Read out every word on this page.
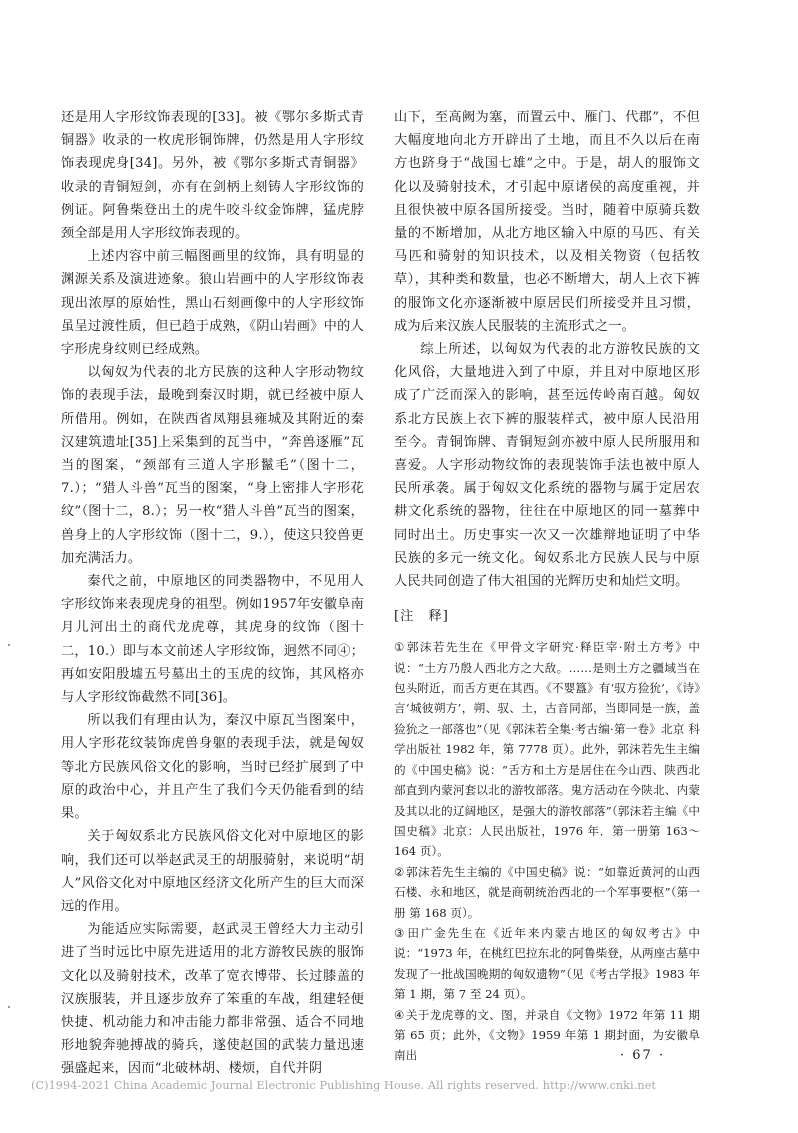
还是用人字形纹饰表现的[33]。被《鄂尔多斯式青铜器》收录的一枚虎形铜饰牌，仍然是用人字形纹饰表现虎身[34]。另外，被《鄂尔多斯式青铜器》收录的青铜短剑，亦有在剑柄上刻铸人字形纹饰的例证。阿鲁柴登出土的虎牛咬斗纹金饰牌，猛虎脖颈全部是用人字形纹饰表现的。

上述内容中前三幅图画里的纹饰，具有明显的渊源关系及演进迹象。狼山岩画中的人字形纹饰表现出浓厚的原始性，黑山石刻画像中的人字形纹饰虽呈过渡性质，但已趋于成熟，《阴山岩画》中的人字形虎身纹则已经成熟。

以匈奴为代表的北方民族的这种人字形动物纹饰的表现手法，最晚到秦汉时期，就已经被中原人所借用。例如，在陕西省凤翔县雍城及其附近的秦汉建筑遗址[35]上采集到的瓦当中，“奔兽逐雁”瓦当的图案，“颈部有三道人字形鬣毛”（图十二，7.）；“猎人斗兽”瓦当的图案，“身上密排人字形花纹”（图十二，8.）；另一枚“猎人斗兽”瓦当的图案，兽身上的人字形纹饰（图十二，9.），使这只狡兽更加充满活力。

秦代之前，中原地区的同类器物中，不见用人字形纹饰来表现虎身的祖型。例如1957年安徽阜南月儿河出土的商代龙虎尊，其虎身的纹饰（图十二，10.）即与本文前述人字形纹饰，迥然不同④；再如安阳殷墟五号墓出土的玉虎的纹饰，其风格亦与人字形纹饰截然不同[36]。

所以我们有理由认为，秦汉中原瓦当图案中，用人字形花纹装饰虎兽身躯的表现手法，就是匈奴等北方民族风俗文化的影响，当时已经扩展到了中原的政治中心，并且产生了我们今天仍能看到的结果。

关于匈奴系北方民族风俗文化对中原地区的影响，我们还可以举赵武灵王的胡服骑射，来说明“胡人”风俗文化对中原地区经济文化所产生的巨大而深远的作用。

为能适应实际需要，赵武灵王曾经大力主动引进了当时远比中原先进适用的北方游牧民族的服饰文化以及骑射技术，改革了宽衣博带、长过膝盖的汉族服装，并且逐步放弃了笨重的车战，组建轻便快捷、机动能力和冲击能力都非常强、适合不同地形地貌奔驰搏战的骑兵，遂使赵国的武装力量迅速强盛起来，因而“北破林胡、楼烦，自代并阴

山下，至高阙为塞，而置云中、雁门、代郡”，不但大幅度地向北方开辟出了土地，而且不久以后在南方也跻身于“战国七雄”之中。于是，胡人的服饰文化以及骑射技术，才引起中原诸侯的高度重视，并且很快被中原各国所接受。当时，随着中原骑兵数量的不断增加，从北方地区输入中原的马匹、有关马匹和骑射的知识技术，以及相关物资（包括牧草），其种类和数量，也必不断增大，胡人上衣下裤的服饰文化亦逐渐被中原居民们所接受并且习惯，成为后来汉族人民服装的主流形式之一。

综上所述，以匈奴为代表的北方游牧民族的文化风俗，大量地进入到了中原，并且对中原地区形成了广泛而深入的影响，甚至远传岭南百越。匈奴系北方民族上衣下裤的服装样式，被中原人民沿用至今。青铜饰牌、青铜短剑亦被中原人民所服用和喜爱。人字形动物纹饰的表现装饰手法也被中原人民所承袭。属于匈奴文化系统的器物与属于定居农耕文化系统的器物，往往在中原地区的同一墓葬中同时出土。历史事实一次又一次雄辩地证明了中华民族的多元一统文化。匈奴系北方民族人民与中原人民共同创造了伟大祖国的光辉历史和灿烂文明。

[注　释]

①郭沫若先生在《甲骨文字研究·释臣宰·附土方考》中说：“土方乃殷人西北方之大敌。……是则土方之疆域当在包头附近，而舌方更在其西。《不婴簋》有‘驭方猃狁’，《诗》言‘城彼朔方’，朔、驭、土，古音同部，当即同是一族，盖猃狁之一部落也”（见《郭沫若全集·考古编·第一卷》北京 科学出版社 1982 年，第 7778 页）。此外，郭沫若先生主编的《中国史稿》说：“舌方和土方是居住在今山西、陕西北部直到内蒙河套以北的游牧部落。鬼方活动在今陕北、内蒙及其以北的辽阔地区，是强大的游牧部落”（郭沫若主编《中国史稿》北京：人民出版社，1976 年．第一册第 163～164 页）。

②郭沫若先生主编的《中国史稿》说：“如靠近黄河的山西石楼、永和地区，就是商朝统治西北的一个军事要枢”（第一册 第 168 页）。

③田广金先生在《近年来内蒙古地区的匈奴考古》中说：“1973 年，在桃红巴拉东北的阿鲁柴登，从两座古墓中发现了一批战国晚期的匈奴遗物”（见《考古学报》1983 年第 1 期，第 7 至 24 页）。

④关于龙虎尊的文、图，并录自《文物》1972 年第 11 期第 65 页；此外，《文物》1959 年第 1 期封面，为安徽阜南出	· 67 ·
(C)1994-2021 China Academic Journal Electronic Publishing House. All rights reserved. http://www.cnki.net
